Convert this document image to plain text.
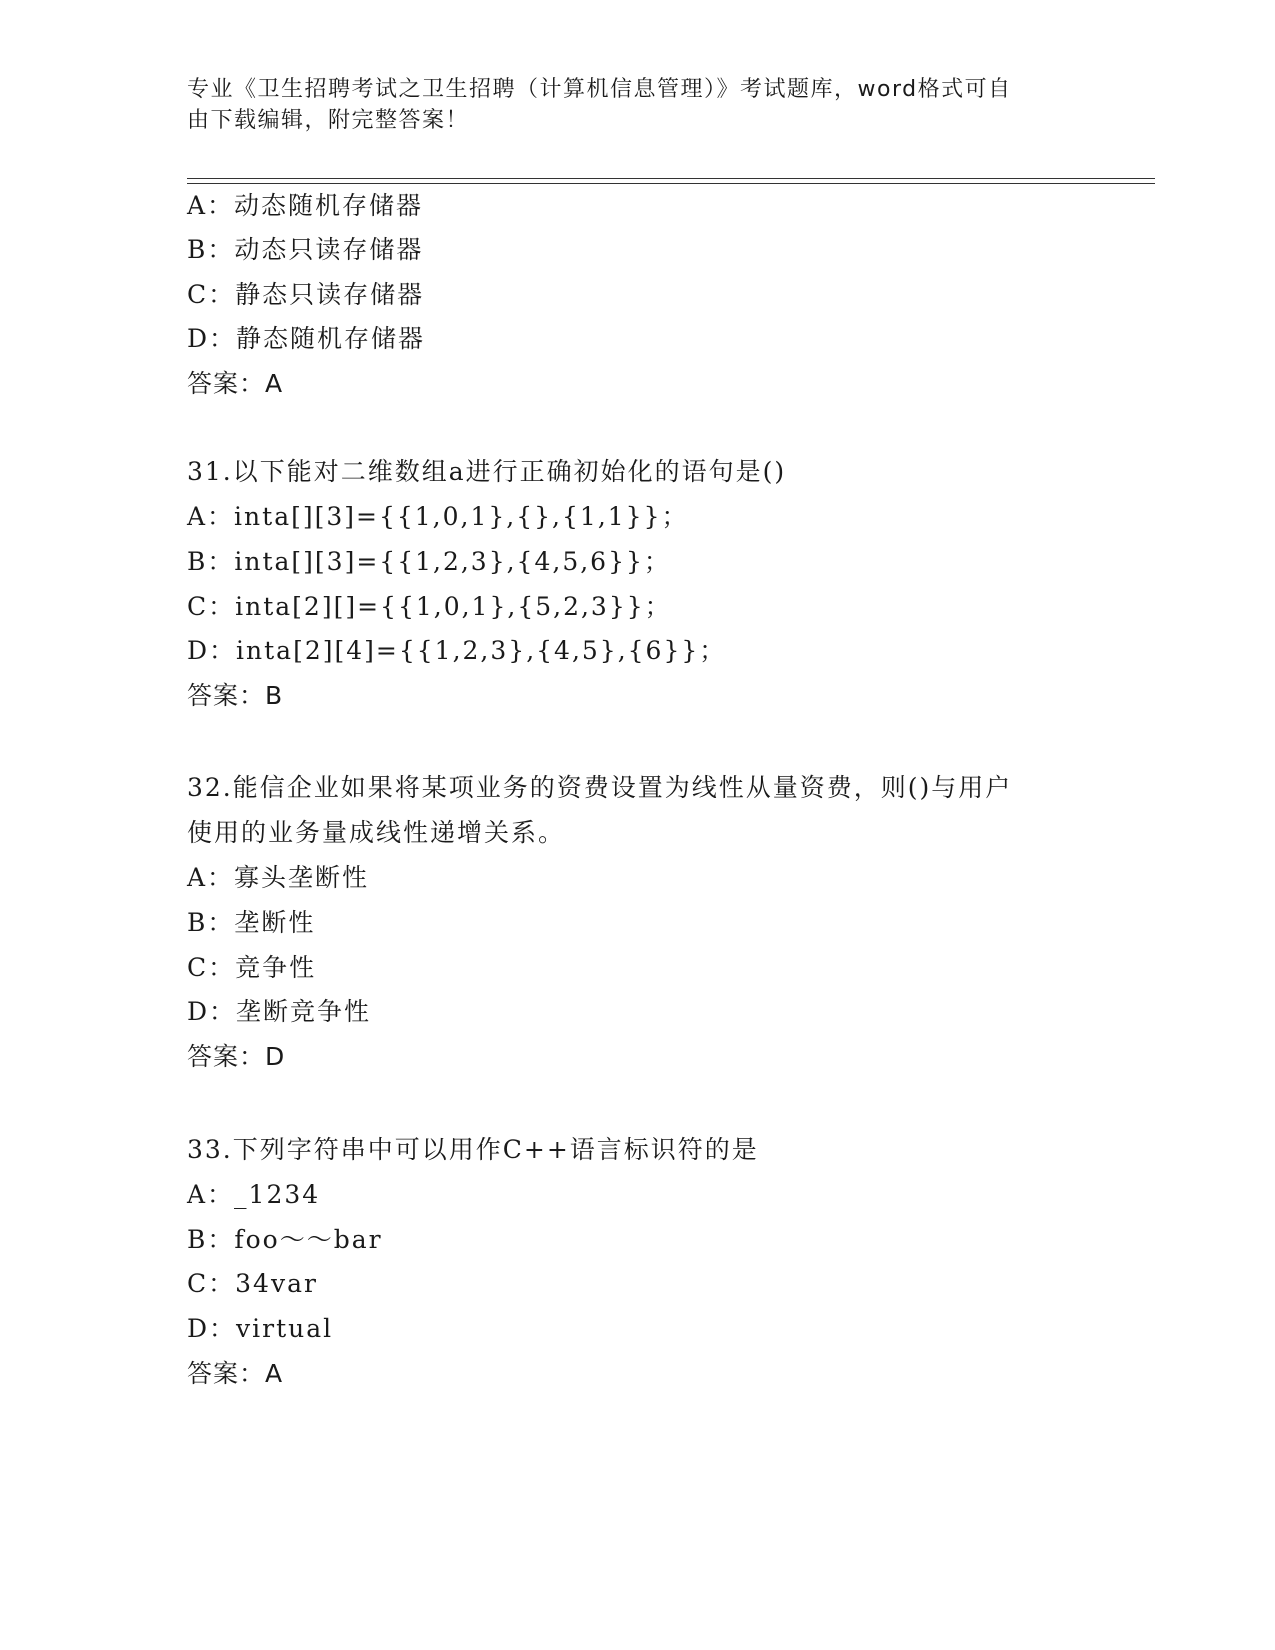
专业《卫生招聘考试之卫生招聘（计算机信息管理）》考试题库，word格式可自
由下载编辑，附完整答案！
A：动态随机存储器
B：动态只读存储器
C：静态只读存储器
D：静态随机存储器
答案：A
31.以下能对二维数组a进行正确初始化的语句是()
A：inta[][3]={{1,0,1},{},{1,1}}；
B：inta[][3]={{1,2,3},{4,5,6}}；
C：inta[2][]={{1,0,1},{5,2,3}}；
D：inta[2][4]={{1,2,3},{4,5},{6}}；
答案：B
32.能信企业如果将某项业务的资费设置为线性从量资费，则()与用户
使用的业务量成线性递增关系。
A：寡头垄断性
B：垄断性
C：竞争性
D：垄断竞争性
答案：D
33.下列字符串中可以用作C++语言标识符的是
A：_1234
B：foo～～bar
C：34var
D：virtual
答案：A
